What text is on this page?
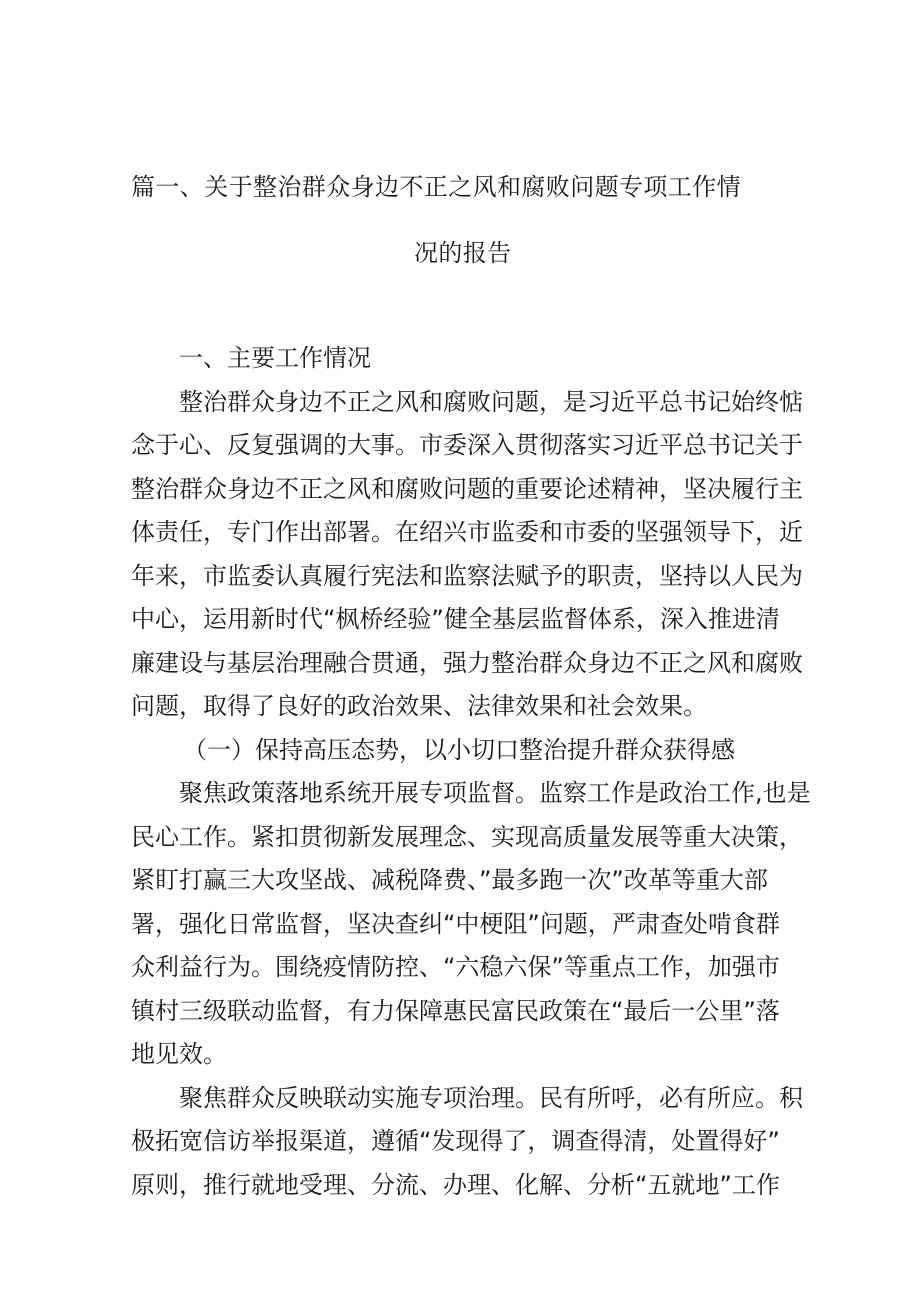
篇一、关于整治群众身边不正之风和腐败问题专项工作情
况的报告
一、主要工作情况
整治群众身边不正之风和腐败问题，是习近平总书记始终惦
念于心、反复强调的大事。市委深入贯彻落实习近平总书记关于
整治群众身边不正之风和腐败问题的重要论述精神，坚决履行主
体责任，专门作出部署。在绍兴市监委和市委的坚强领导下，近
年来，市监委认真履行宪法和监察法赋予的职责，坚持以人民为
中心，运用新时代“枫桥经验”健全基层监督体系，深入推进清
廉建设与基层治理融合贯通，强力整治群众身边不正之风和腐败
问题，取得了良好的政治效果、法律效果和社会效果。
（一）保持高压态势，以小切口整治提升群众获得感
聚焦政策落地系统开展专项监督。监察工作是政治工作,也是
民心工作。紧扣贯彻新发展理念、实现高质量发展等重大决策，
紧盯打赢三大攻坚战、减税降费、”最多跑一次”改革等重大部
署，强化日常监督，坚决查纠“中梗阻”问题，严肃查处啃食群
众利益行为。围绕疫情防控、“六稳六保”等重点工作，加强市
镇村三级联动监督，有力保障惠民富民政策在“最后一公里”落
地见效。
聚焦群众反映联动实施专项治理。民有所呼，必有所应。积
极拓宽信访举报渠道，遵循“发现得了，调查得清，处置得好”
原则，推行就地受理、分流、办理、化解、分析“五就地”工作
